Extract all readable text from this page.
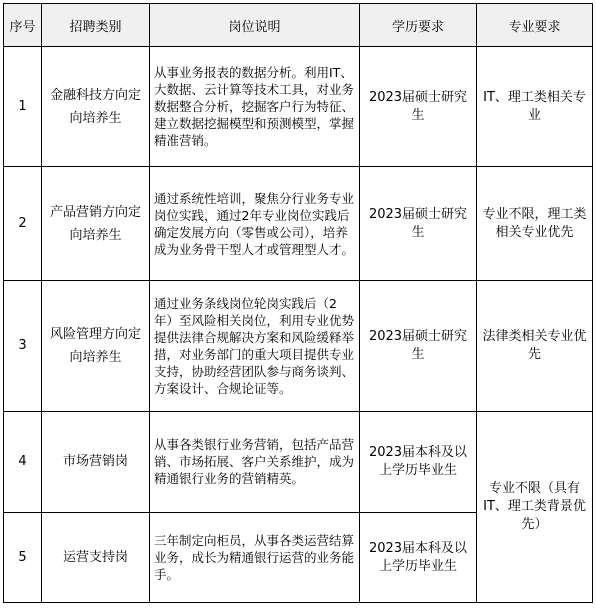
序号	招聘类别	岗位说明	学历要求	专业要求
1	金融科技方向定向培养生	从事业务报表的数据分析。利用IT、大数据、云计算等技术工具，对业务数据整合分析，挖掘客户行为特征、建立数据挖掘模型和预测模型，掌握精准营销。	2023届硕士研究生	IT、理工类相关专业
2	产品营销方向定向培养生	通过系统性培训，聚焦分行业务专业岗位实践，通过2年专业岗位实践后确定发展方向（零售或公司），培养成为业务骨干型人才或管理型人才。	2023届硕士研究生	专业不限，理工类相关专业优先
3	风险管理方向定向培养生	通过业务条线岗位轮岗实践后（2年）至风险相关岗位，利用专业优势提供法律合规解决方案和风险缓释举措，对业务部门的重大项目提供专业支持，协助经营团队参与商务谈判、方案设计、合规论证等。	2023届硕士研究生	法律类相关专业优先
4	市场营销岗	从事各类银行业务营销，包括产品营销、市场拓展、客户关系维护，成为精通银行业务的营销精英。	2023届本科及以上学历毕业生	专业不限（具有IT、理工类背景优先）
5	运营支持岗	三年制定向柜员，从事各类运营结算业务，成长为精通银行运营的业务能手。	2023届本科及以上学历毕业生	
